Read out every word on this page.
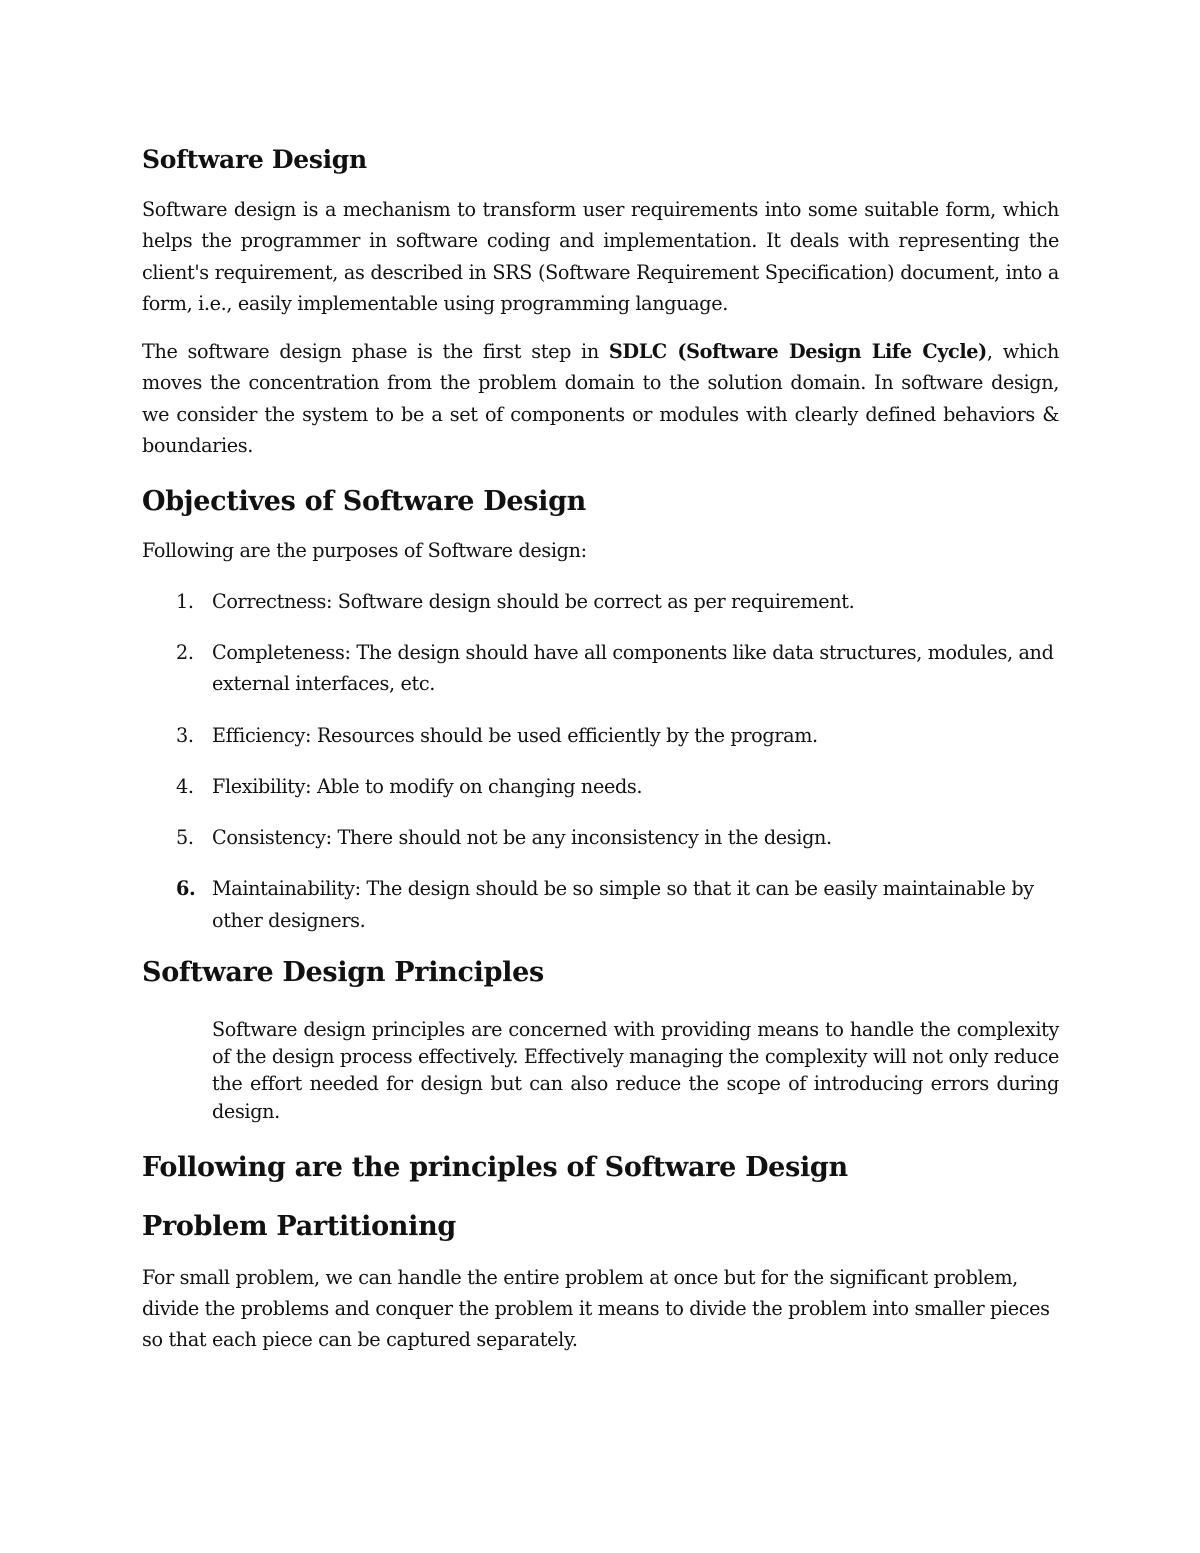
Software Design

Software design is a mechanism to transform user requirements into some suitable form, which helps the programmer in software coding and implementation. It deals with representing the client's requirement, as described in SRS (Software Requirement Specification) document, into a form, i.e., easily implementable using programming language.

The software design phase is the first step in SDLC (Software Design Life Cycle), which moves the concentration from the problem domain to the solution domain. In software design, we consider the system to be a set of components or modules with clearly defined behaviors & boundaries.

Objectives of Software Design

Following are the purposes of Software design:

1. Correctness: Software design should be correct as per requirement.
2. Completeness: The design should have all components like data structures, modules, and external interfaces, etc.
3. Efficiency: Resources should be used efficiently by the program.
4. Flexibility: Able to modify on changing needs.
5. Consistency: There should not be any inconsistency in the design.
6. Maintainability: The design should be so simple so that it can be easily maintainable by other designers.
Software Design Principles

Software design principles are concerned with providing means to handle the complexity of the design process effectively. Effectively managing the complexity will not only reduce the effort needed for design but can also reduce the scope of introducing errors during design.

Following are the principles of Software Design
Problem Partitioning

For small problem, we can handle the entire problem at once but for the significant problem, divide the problems and conquer the problem it means to divide the problem into smaller pieces so that each piece can be captured separately.
